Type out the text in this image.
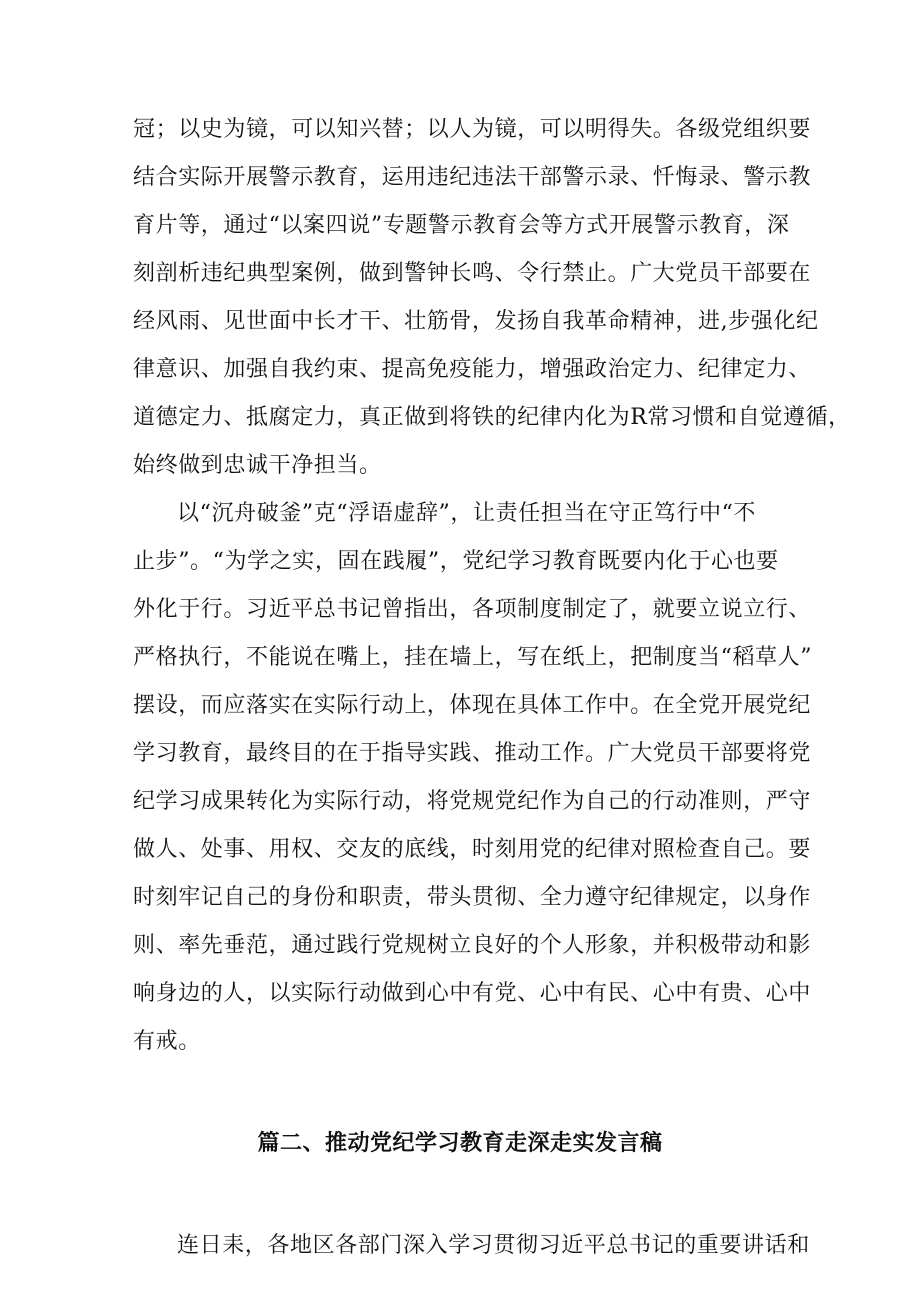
冠；以史为镜，可以知兴替；以人为镜，可以明得失。各级党组织要
结合实际开展警示教育，运用违纪违法干部警示录、忏悔录、警示教
育片等，通过“以案四说”专题警示教育会等方式开展警示教育，深
刻剖析违纪典型案例，做到警钟长鸣、令行禁止。广大党员干部要在
经风雨、见世面中长才干、壮筋骨，发扬自我革命精神，进,步强化纪
律意识、加强自我约束、提高免疫能力，增强政治定力、纪律定力、
道德定力、抵腐定力，真正做到将铁的纪律内化为R常习惯和自觉遵循，
始终做到忠诚干净担当。
以“沉舟破釜”克“浮语虚辞”，让责任担当在守正笃行中“不
止步”。“为学之实，固在践履”，党纪学习教育既要内化于心也要
外化于行。习近平总书记曾指出，各项制度制定了，就要立说立行、
严格执行，不能说在嘴上，挂在墙上，写在纸上，把制度当“稻草人”
摆设，而应落实在实际行动上，体现在具体工作中。在全党开展党纪
学习教育，最终目的在于指导实践、推动工作。广大党员干部要将党
纪学习成果转化为实际行动，将党规党纪作为自己的行动准则，严守
做人、处事、用权、交友的底线，时刻用党的纪律对照检查自己。要
时刻牢记自己的身份和职责，带头贯彻、全力遵守纪律规定，以身作
则、率先垂范，通过践行党规树立良好的个人形象，并积极带动和影
响身边的人，以实际行动做到心中有党、心中有民、心中有贵、心中
有戒。
篇二、推动党纪学习教育走深走实发言稿
连日耒，各地区各部门深入学习贯彻习近平总书记的重要讲话和
